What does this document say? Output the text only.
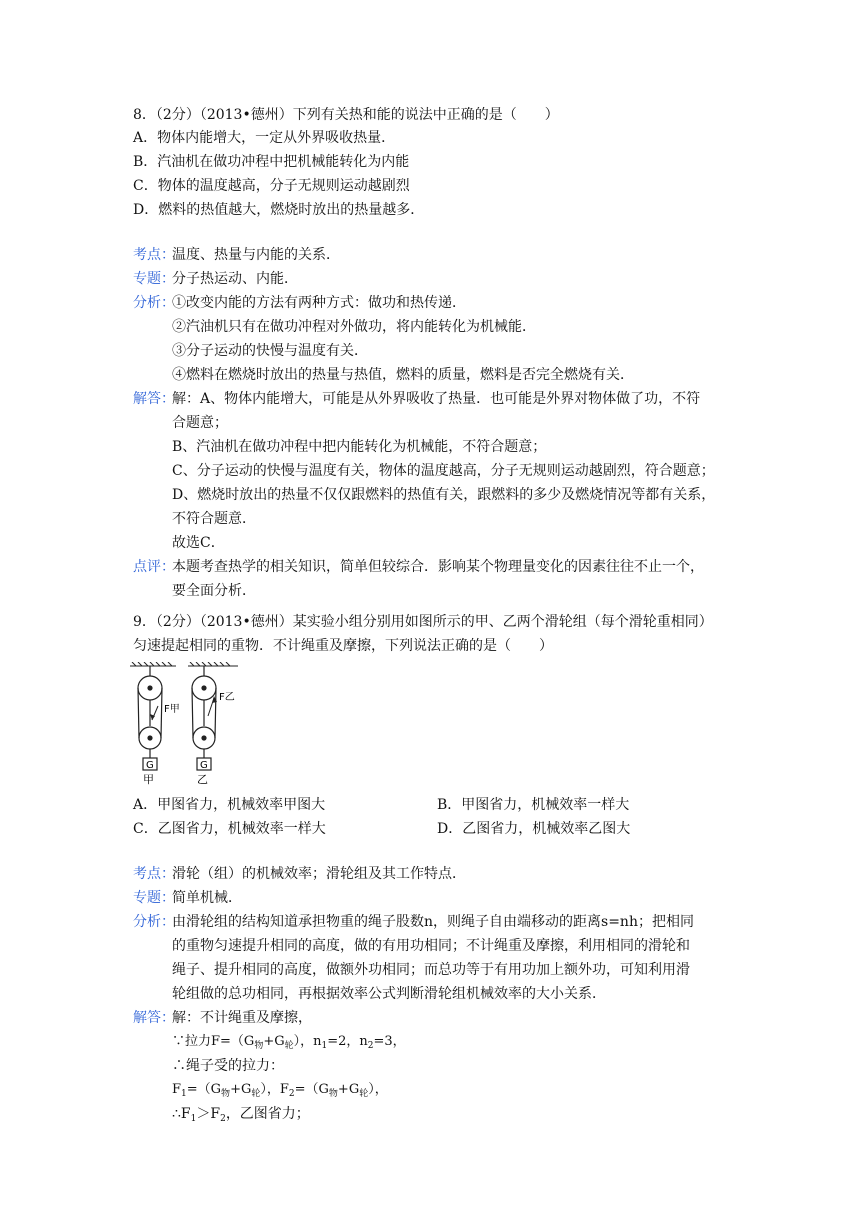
8．（2分）（2013•德州）下列有关热和能的说法中正确的是（　　）
A．物体内能增大，一定从外界吸收热量．
B．汽油机在做功冲程中把机械能转化为内能
C．物体的温度越高，分子无规则运动越剧烈
D．燃料的热值越大，燃烧时放出的热量越多．
考点：
温度、热量与内能的关系．
专题：
分子热运动、内能．
分析：
①改变内能的方法有两种方式：做功和热传递．
②汽油机只有在做功冲程对外做功，将内能转化为机械能．
③分子运动的快慢与温度有关．
④燃料在燃烧时放出的热量与热值，燃料的质量，燃料是否完全燃烧有关．
解答：
解：A、物体内能增大，可能是从外界吸收了热量．也可能是外界对物体做了功，不符
合题意；
B、汽油机在做功冲程中把内能转化为机械能，不符合题意；
C、分子运动的快慢与温度有关，物体的温度越高，分子无规则运动越剧烈，符合题意；
D、燃烧时放出的热量不仅仅跟燃料的热值有关，跟燃料的多少及燃烧情况等都有关系，
不符合题意．
故选C．
点评：
本题考查热学的相关知识，简单但较综合．影响某个物理量变化的因素往往不止一个，
要全面分析．
9．（2分）（2013•德州）某实验小组分别用如图所示的甲、乙两个滑轮组（每个滑轮重相同）
匀速提起相同的重物．不计绳重及摩擦，下列说法正确的是（　　）
F甲
G
甲
F乙
G
乙
A．甲图省力，机械效率甲图大	B．甲图省力，机械效率一样大
C．乙图省力，机械效率一样大	D．乙图省力，机械效率乙图大
考点：
滑轮（组）的机械效率；滑轮组及其工作特点．
专题：
简单机械．
分析：
由滑轮组的结构知道承担物重的绳子股数n，则绳子自由端移动的距离s=nh；把相同
的重物匀速提升相同的高度，做的有用功相同；不计绳重及摩擦，利用相同的滑轮和
绳子、提升相同的高度，做额外功相同；而总功等于有用功加上额外功，可知利用滑
轮组做的总功相同，再根据效率公式判断滑轮组机械效率的大小关系．
解答：
解：不计绳重及摩擦，
∵拉力$F=(G_物+G_轮)$，$n_1=2$，$n_2=3$，
∴绳子受的拉力：
$F_1=(G_物+G_轮)$，$F_2=(G_物+G_轮)$，
$\therefore F_1>F_2$，乙图省力；
